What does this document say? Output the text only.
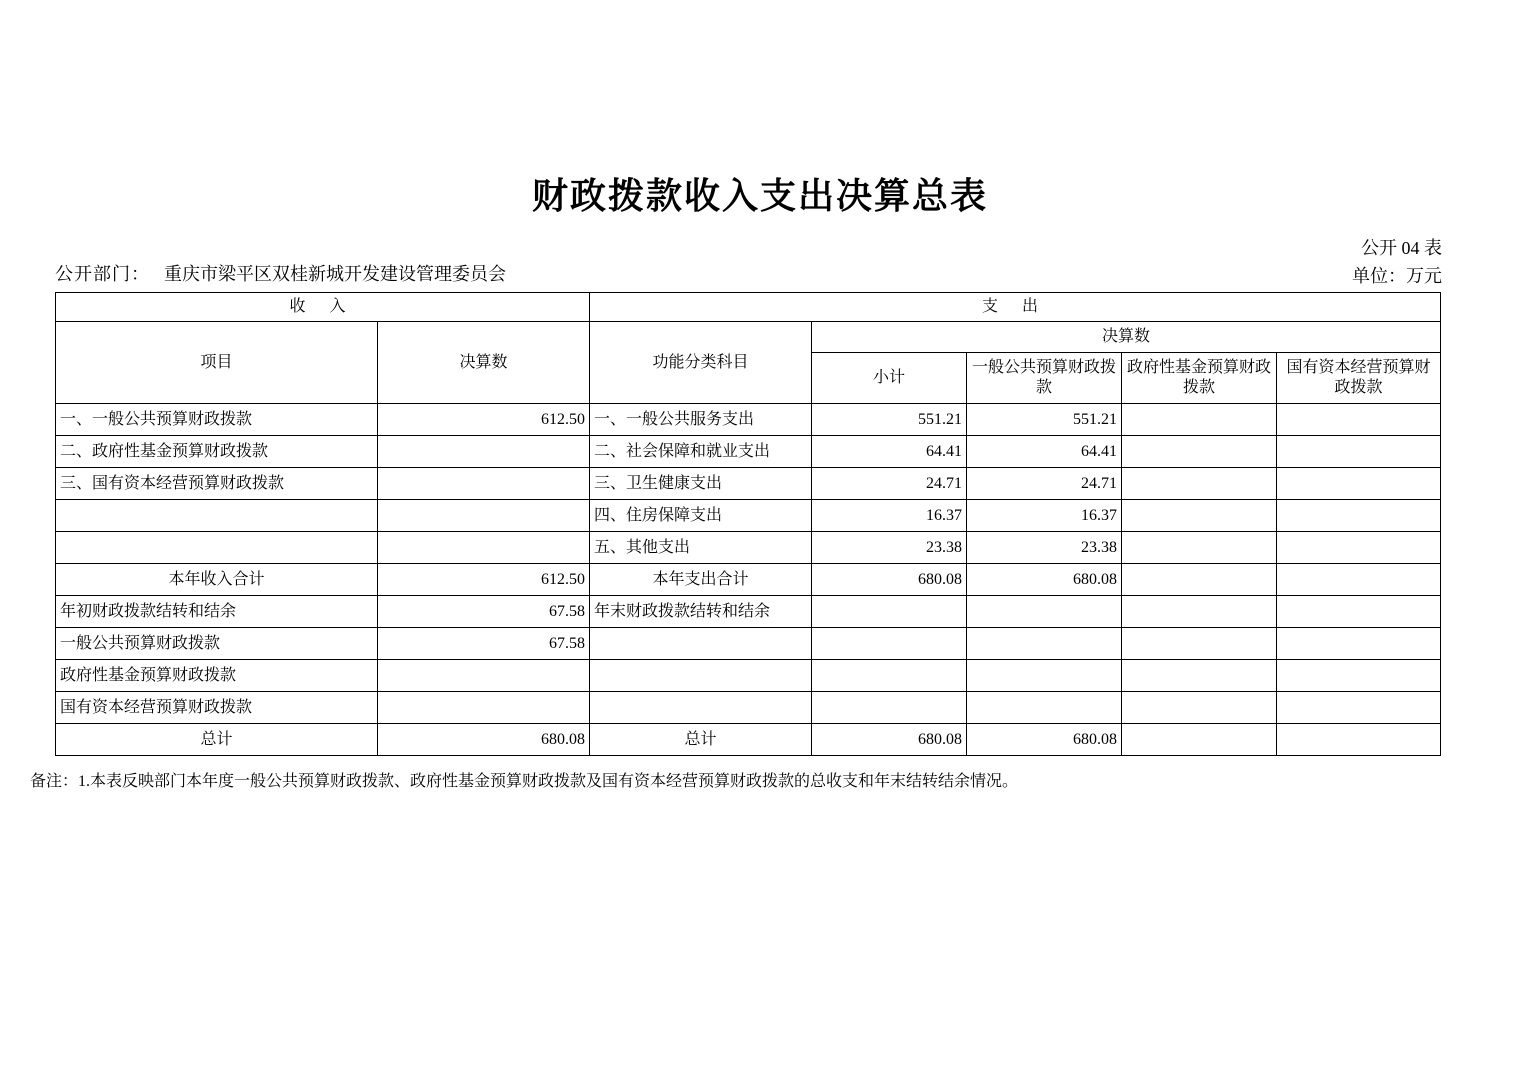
财政拨款收入支出决算总表
公开 04 表
公开部门： 重庆市梁平区双桂新城开发建设管理委员会	单位：万元
收 入		支 出				
项目	决算数	功能分类科目	决算数			
			小计	一般公共预算财政拨款	政府性基金预算财政拨款	国有资本经营预算财政拨款
一、一般公共预算财政拨款	612.50	一、一般公共服务支出	551.21	551.21		
二、政府性基金预算财政拨款		二、社会保障和就业支出	64.41	64.41		
三、国有资本经营预算财政拨款		三、卫生健康支出	24.71	24.71		
		四、住房保障支出	16.37	16.37		
		五、其他支出	23.38	23.38		
本年收入合计	612.50	本年支出合计	680.08	680.08		
年初财政拨款结转和结余	67.58	年末财政拨款结转和结余				
一般公共预算财政拨款	67.58					
政府性基金预算财政拨款						
国有资本经营预算财政拨款						
总计	680.08	总计	680.08	680.08		
备注：1.本表反映部门本年度一般公共预算财政拨款、政府性基金预算财政拨款及国有资本经营预算财政拨款的总收支和年末结转结余情况。
